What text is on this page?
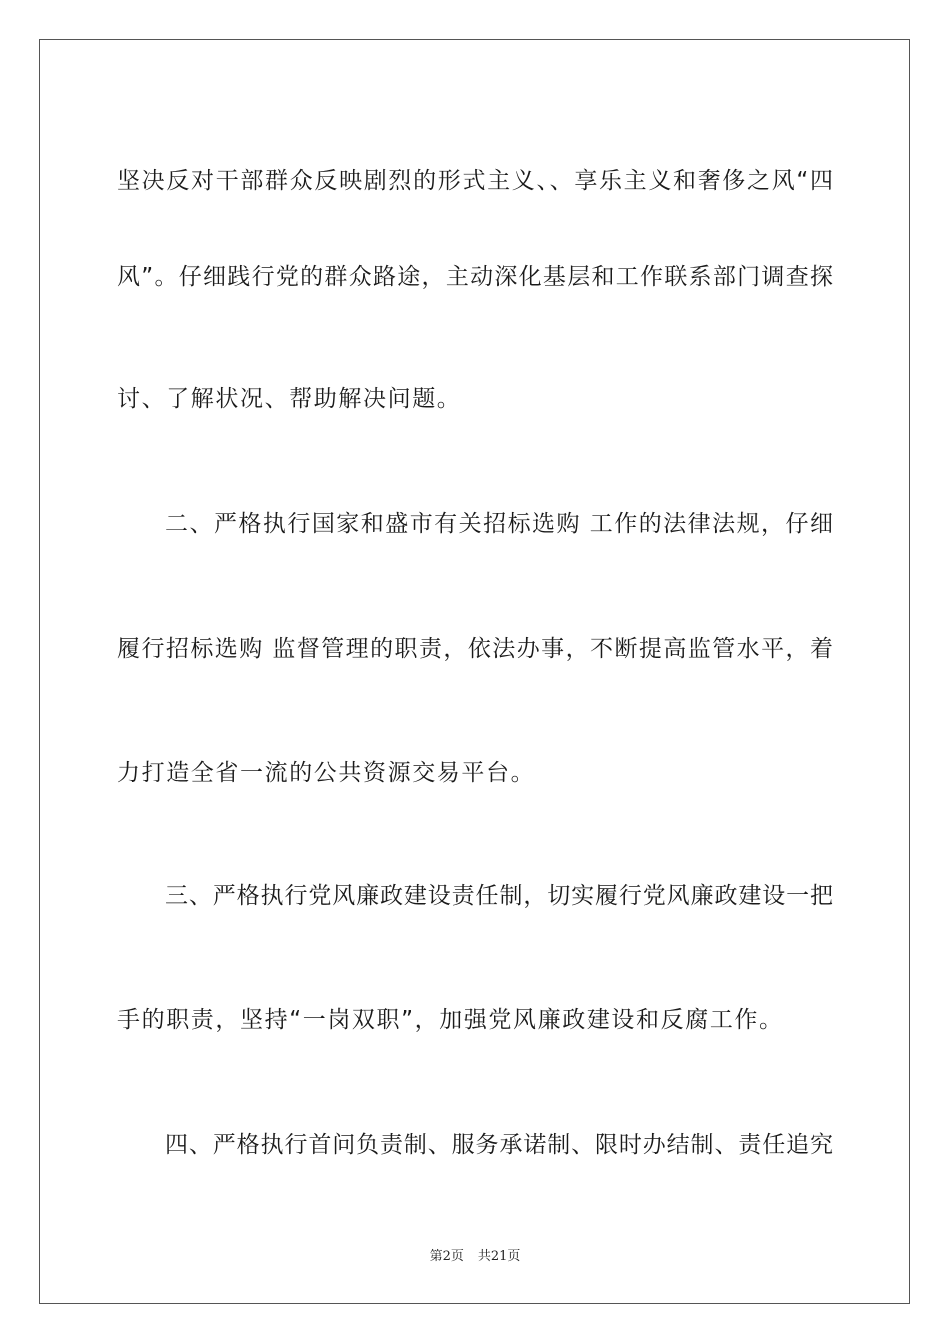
坚决反对干部群众反映剧烈的形式主义、、享乐主义和奢侈之风“四
风”。仔细践行党的群众路途，主动深化基层和工作联系部门调查探
讨、了解状况、帮助解决问题。
二、严格执行国家和盛市有关招标选购 工作的法律法规，仔细
履行招标选购 监督管理的职责，依法办事，不断提高监管水平，着
力打造全省一流的公共资源交易平台。
三、严格执行党风廉政建设责任制，切实履行党风廉政建设一把
手的职责，坚持“一岗双职”，加强党风廉政建设和反腐工作。
四、严格执行首问负责制、服务承诺制、限时办结制、责任追究
第2页 共21页
